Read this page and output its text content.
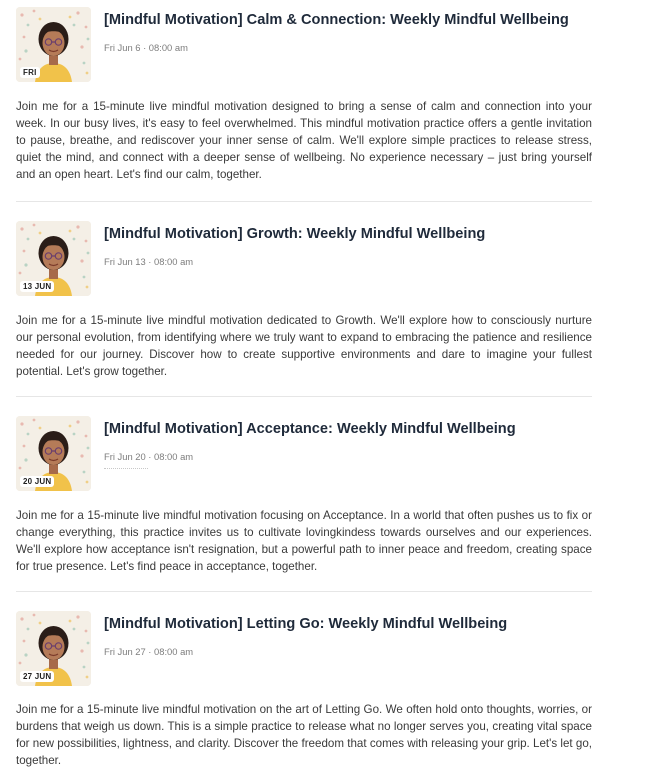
FRI
[Mindful Motivation] Calm & Connection: Weekly Mindful Wellbeing
Fri Jun 6 · 08:00 am

Join me for a 15-minute live mindful motivation designed to bring a sense of calm and connection into your week. In our busy lives, it's easy to feel overwhelmed. This mindful motivation practice offers a gentle invitation to pause, breathe, and rediscover your inner sense of calm. We'll explore simple practices to release stress, quiet the mind, and connect with a deeper sense of wellbeing. No experience necessary – just bring yourself and an open heart. Let's find our calm, together.

13 JUN
[Mindful Motivation] Growth: Weekly Mindful Wellbeing
Fri Jun 13 · 08:00 am

Join me for a 15-minute live mindful motivation dedicated to Growth. We'll explore how to consciously nurture our personal evolution, from identifying where we truly want to expand to embracing the patience and resilience needed for our journey. Discover how to create supportive environments and dare to imagine your fullest potential. Let's grow together.

20 JUN
[Mindful Motivation] Acceptance: Weekly Mindful Wellbeing
Fri Jun 20 · 08:00 am

Join me for a 15-minute live mindful motivation focusing on Acceptance. In a world that often pushes us to fix or change everything, this practice invites us to cultivate lovingkindess towards ourselves and our experiences. We'll explore how acceptance isn't resignation, but a powerful path to inner peace and freedom, creating space for true presence. Let's find peace in acceptance, together.

27 JUN
[Mindful Motivation] Letting Go: Weekly Mindful Wellbeing
Fri Jun 27 · 08:00 am

Join me for a 15-minute live mindful motivation on the art of Letting Go. We often hold onto thoughts, worries, or burdens that weigh us down. This is a simple practice to release what no longer serves you, creating vital space for new possibilities, lightness, and clarity. Discover the freedom that comes with releasing your grip. Let's let go, together.
